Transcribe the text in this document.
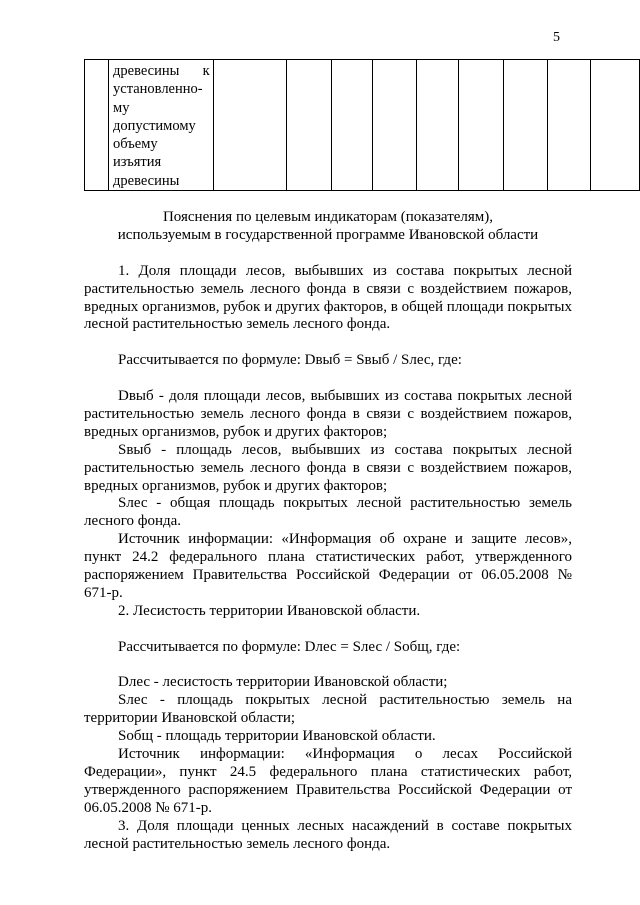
5

древесины к
установленно-
му
допустимому
объему
изъятия
древесины

Пояснения по целевым индикаторам (показателям),
используемым в государственной программе Ивановской области

1. Доля площади лесов, выбывших из состава покрытых лесной растительностью земель лесного фонда в связи с воздействием пожаров, вредных организмов, рубок и других факторов, в общей площади покрытых лесной растительностью земель лесного фонда.

Рассчитывается по формуле: Dвыб = Sвыб / Sлес, где:

Dвыб - доля площади лесов, выбывших из состава покрытых лесной растительностью земель лесного фонда в связи с воздействием пожаров, вредных организмов, рубок и других факторов;

Sвыб - площадь лесов, выбывших из состава покрытых лесной растительностью земель лесного фонда в связи с воздействием пожаров, вредных организмов, рубок и других факторов;

Sлес - общая площадь покрытых лесной растительностью земель лесного фонда.

Источник информации: «Информация об охране и защите лесов», пункт 24.2 федерального плана статистических работ, утвержденного распоряжением Правительства Российской Федерации от 06.05.2008 № 671-р.

2. Лесистость территории Ивановской области.

Рассчитывается по формуле: Dлес = Sлес / Sобщ, где:

Dлес - лесистость территории Ивановской области;

Sлес - площадь покрытых лесной растительностью земель на территории Ивановской области;

Sобщ - площадь территории Ивановской области.

Источник информации: «Информация о лесах Российской Федерации», пункт 24.5 федерального плана статистических работ, утвержденного распоряжением Правительства Российской Федерации от 06.05.2008 № 671-р.

3. Доля площади ценных лесных насаждений в составе покрытых лесной растительностью земель лесного фонда.
